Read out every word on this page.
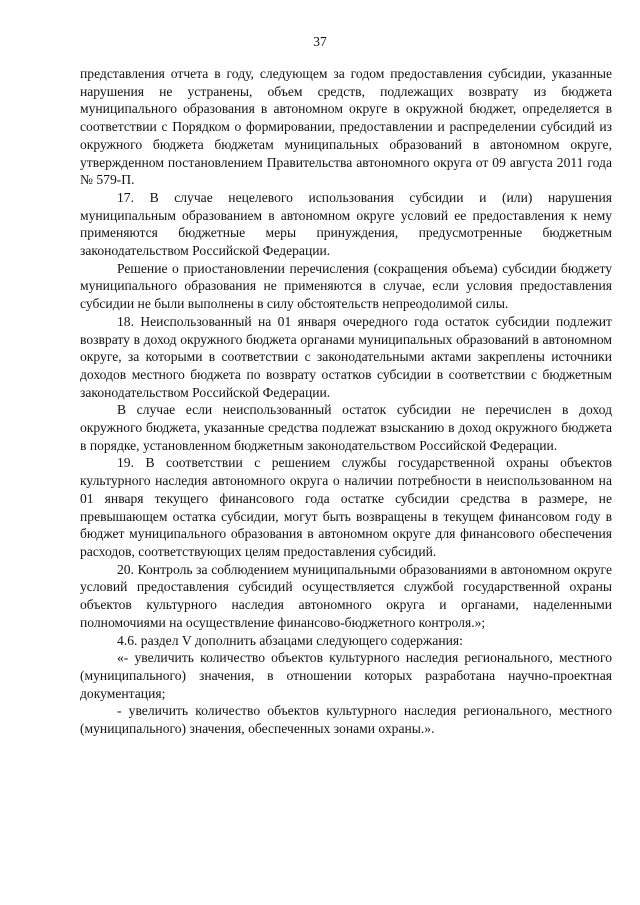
37

представления отчета в году, следующем за годом предоставления субсидии, указанные нарушения не устранены, объем средств, подлежащих возврату из бюджета муниципального образования в автономном округе в окружной бюджет, определяется в соответствии с Порядком о формировании, предоставлении и распределении субсидий из окружного бюджета бюджетам муниципальных образований в автономном округе, утвержденном постановлением Правительства автономного округа от 09 августа 2011 года № 579-П.

17. В случае нецелевого использования субсидии и (или) нарушения муниципальным образованием в автономном округе условий ее предоставления к нему применяются бюджетные меры принуждения, предусмотренные бюджетным законодательством Российской Федерации.

Решение о приостановлении перечисления (сокращения объема) субсидии бюджету муниципального образования не применяются в случае, если условия предоставления субсидии не были выполнены в силу обстоятельств непреодолимой силы.

18. Неиспользованный на 01 января очередного года остаток субсидии подлежит возврату в доход окружного бюджета органами муниципальных образований в автономном округе, за которыми в соответствии с законодательными актами закреплены источники доходов местного бюджета по возврату остатков субсидии в соответствии с бюджетным законодательством Российской Федерации.

В случае если неиспользованный остаток субсидии не перечислен в доход окружного бюджета, указанные средства подлежат взысканию в доход окружного бюджета в порядке, установленном бюджетным законодательством Российской Федерации.

19. В соответствии с решением службы государственной охраны объектов культурного наследия автономного округа о наличии потребности в неиспользованном на 01 января текущего финансового года остатке субсидии средства в размере, не превышающем остатка субсидии, могут быть возвращены в текущем финансовом году в бюджет муниципального образования в автономном округе для финансового обеспечения расходов, соответствующих целям предоставления субсидий.

20. Контроль за соблюдением муниципальными образованиями в автономном округе условий предоставления субсидий осуществляется службой государственной охраны объектов культурного наследия автономного округа и органами, наделенными полномочиями на осуществление финансово-бюджетного контроля.»;

4.6. раздел V дополнить абзацами следующего содержания:

«- увеличить количество объектов культурного наследия регионального, местного (муниципального) значения, в отношении которых разработана научно-проектная документация;

- увеличить количество объектов культурного наследия регионального, местного (муниципального) значения, обеспеченных зонами охраны.».
